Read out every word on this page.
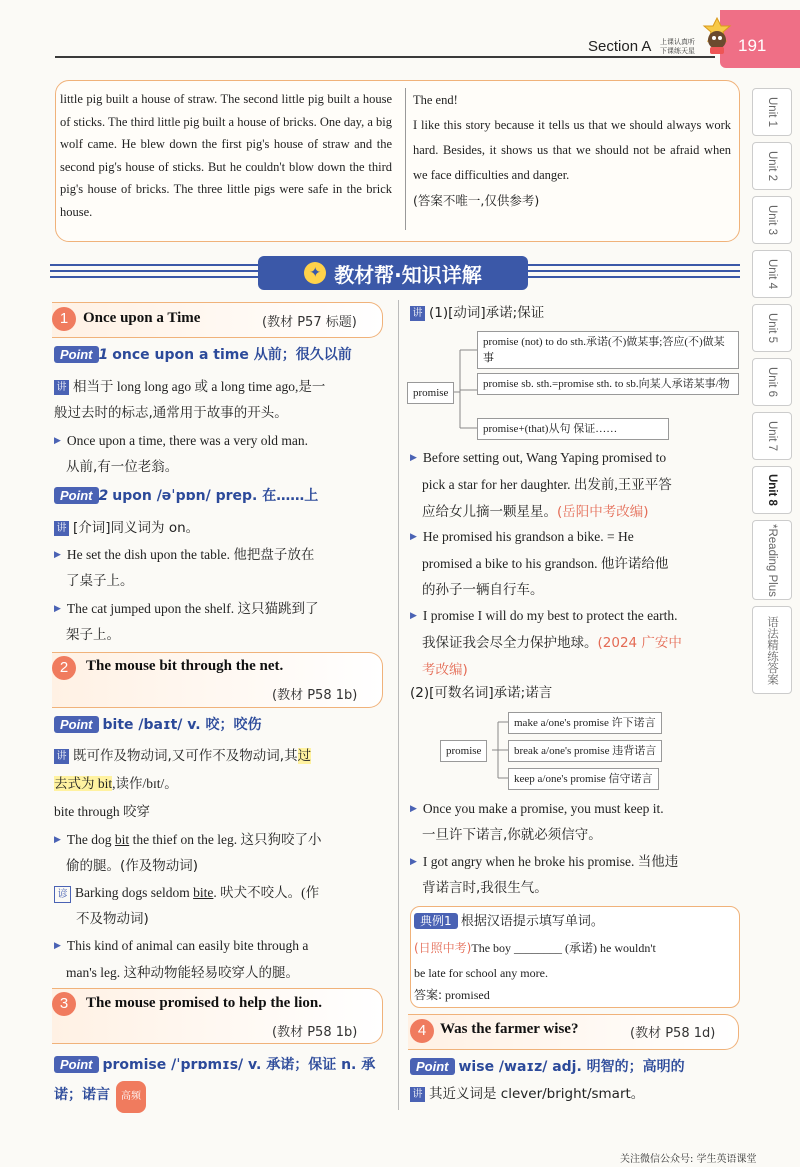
191
Section A 上课认真听
下课练天星
little pig built a house of straw. The second little pig built a house of sticks. The third little pig built a house of bricks. One day, a big wolf came. He blew down the first pig's house of straw and the second pig's house of sticks. But he couldn't blow down the third pig's house of bricks. The three little pigs were safe in the brick house.
The end!
I like this story because it tells us that we should always work hard. Besides, it shows us that we should not be afraid when we face difficulties and danger.
(答案不唯一,仅供参考)
✦ 教材帮·知识详解
Unit 1
Unit 2
Unit 3
Unit 4
Unit 5
Unit 6
Unit 7
Unit 8
*Reading Plus
语法精练答案
1 Once upon a Time	(教材 P57 标题)
Point 1 once upon a time 从前；很久以前
讲 相当于 long long ago 或 a long time ago,是一
般过去时的标志,通常用于故事的开头。
▶ Once upon a time, there was a very old man.
从前,有一位老翁。
Point 2 upon /əˈpɒn/ prep. 在……上
讲 [介词]同义词为 on。
▶ He set the dish upon the table. 他把盘子放在
了桌子上。
▶ The cat jumped upon the shelf. 这只猫跳到了
架子上。
2	The mouse bit through the net.
(教材 P58 1b)
Point bite /baɪt/ v. 咬；咬伤
讲 既可作及物动词,又可作不及物动词,其过
去式为 bit,读作/bɪt/。
bite through 咬穿
▶ The dog bit the thief on the leg. 这只狗咬了小
偷的腿。(作及物动词)
谚 Barking dogs seldom bite. 吠犬不咬人。(作
不及物动词)
▶ This kind of animal can easily bite through a
man's leg. 这种动物能轻易咬穿人的腿。
3	The mouse promised to help the lion.
(教材 P58 1b)
Point promise /ˈprɒmɪs/ v. 承诺；保证 n. 承
诺；诺言 高频
讲 (1)[动词]承诺;保证
promise
promise (not) to do sth.承诺(不)做某事;答应(不)做某事
promise sb. sth.=promise sth. to sb.向某人承诺某事/物
promise+(that)从句 保证……
▶ Before setting out, Wang Yaping promised to
pick a star for her daughter. 出发前,王亚平答
应给女儿摘一颗星星。(岳阳中考改编)
▶ He promised his grandson a bike. = He
promised a bike to his grandson. 他许诺给他
的孙子一辆自行车。
▶ I promise I will do my best to protect the earth.
我保证我会尽全力保护地球。(2024 广安中
考改编)
(2)[可数名词]承诺;诺言
promise
make a/one's promise 许下诺言
break a/one's promise 违背诺言
keep a/one's promise 信守诺言
▶ Once you make a promise, you must keep it.
一旦许下诺言,你就必须信守。
▶ I got angry when he broke his promise. 当他违
背诺言时,我很生气。
典例1 根据汉语提示填写单词。
(日照中考)The boy ________ (承诺) he wouldn't
be late for school any more.
答案: promised
4 Was the farmer wise?	(教材 P58 1d)
Point wise /waɪz/ adj. 明智的；高明的
讲 其近义词是 clever/bright/smart。
关注微信公众号: 学生英语课堂
